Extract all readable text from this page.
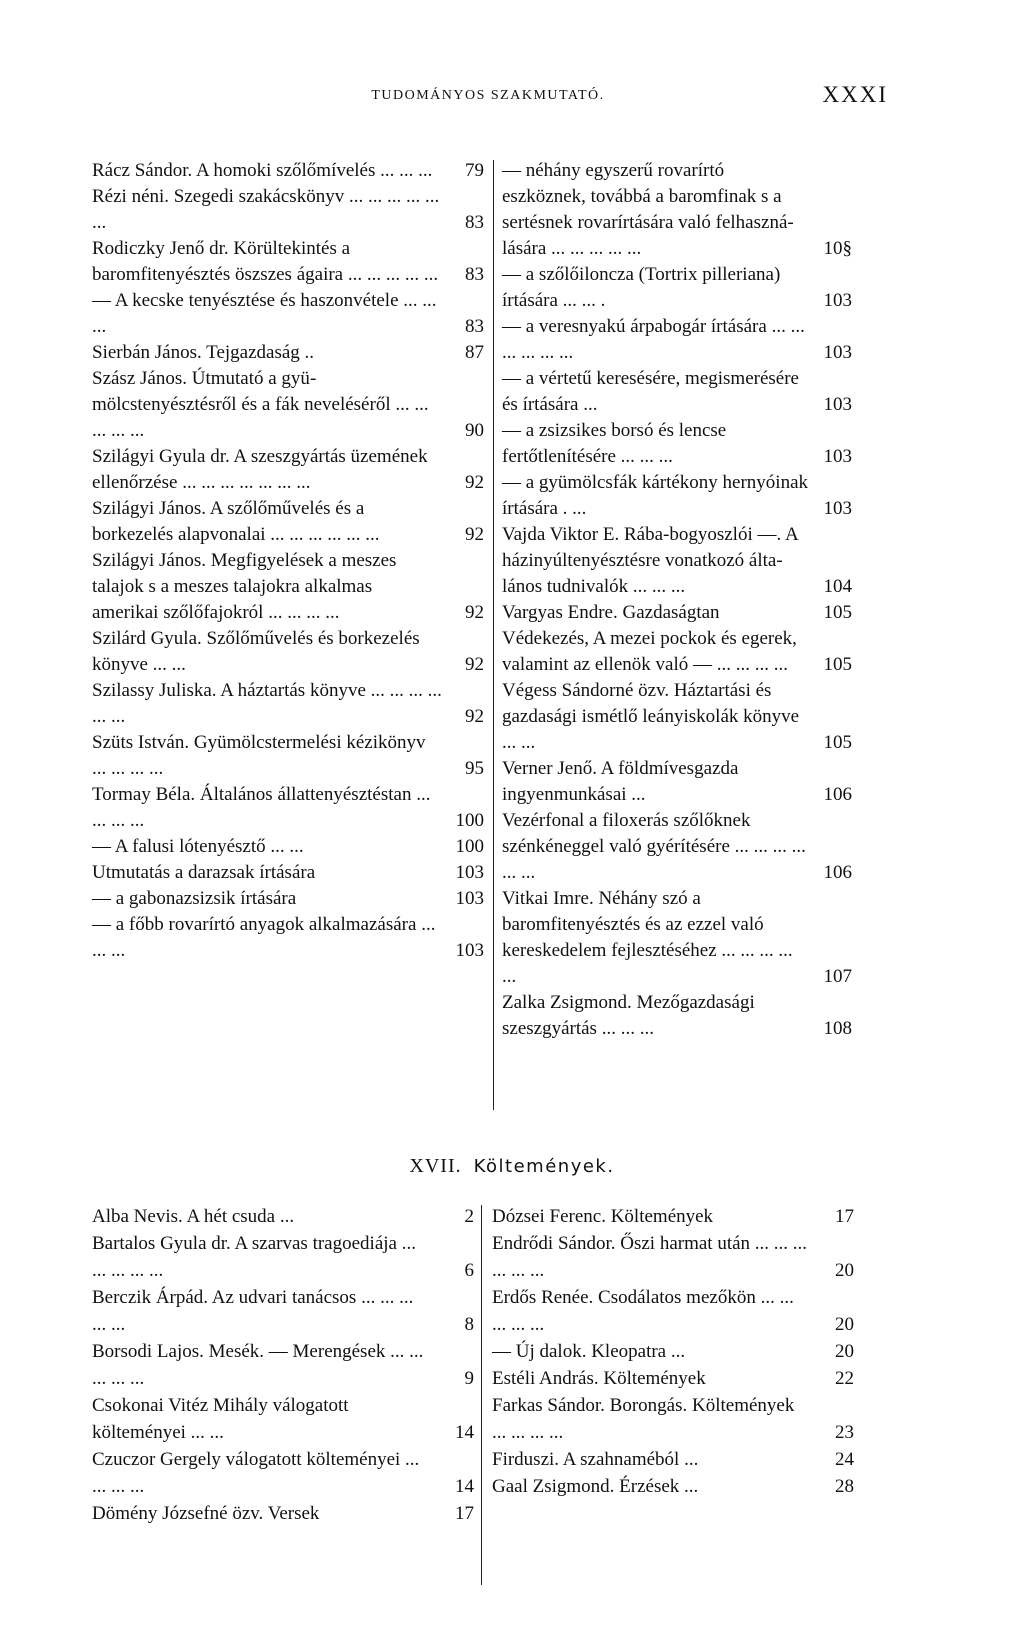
TUDOMÁNYOS SZAKMUTATÓ.	XXXI
Rácz Sándor. A homoki szőlőmívelés ... ... ...	79
Rézi néni. Szegedi szakácskönyv ... ... ... ... ... ...	83
Rodiczky Jenő dr. Körültekintés a baromfitenyésztés öszszes ágaira ... ... ... ... ...	83
— A kecske tenyésztése és haszonvétele ... ... ...	83
Sierbán János. Tejgazdaság ..	87
Szász János. Útmutató a gyümölcstenyésztésről és a fák neveléséről ... ... ... ... ...	90
Szilágyi Gyula dr. A szeszgyártás üzemének ellenőrzése ... ... ... ... ... ... ...	92
Szilágyi János. A szőlőművelés és a borkezelés alapvonalai ... ... ... ... ... ...	92
Szilágyi János. Megfigyelések a meszes talajok s a meszes talajokra alkalmas amerikai szőlőfajokról ... ... ... ...	92
Szilárd Gyula. Szőlőművelés és borkezelés könyve ... ...	92
Szilassy Juliska. A háztartás könyve ... ... ... ... ... ...	92
Szüts István. Gyümölcstermelési kézikönyv ... ... ... ...	95
Tormay Béla. Általános állattenyésztéstan ... ... ... ...	100
— A falusi lótenyésztő ... ...	100
Utmutatás a darazsak írtására	103
— a gabonazsizsik írtására	103
— a főbb rovarírtó anyagok alkalmazására ... ... ...	103
— néhány egyszerű rovarírtó eszköznek, továbbá a baromfinak s a sertésnek rovarírtására való felhasználására ... ... ... ... ...	10§
— a szőlőilonсza (Tortrix pilleriana) írtására ... ... .	103
— a veresnyakú árpabogár írtására ... ... ... ... ... ...	103
— a vértetű keresésére, megismerésére és írtására ...	103
— a zsizsikes borsó és lencse fertőtlenítésére ... ... ...	103
— a gyümölcsfák kártékony hernyóinak írtására . ...	103
Vajda Viktor E. Rába-bogyoszlói —. A házinyúltenyésztésre vonatkozó általános tudnivalók ... ... ...	104
Vargyas Endre. Gazdaságtan	105
Védekezés, A mezei pockok és egerek, valamint az ellenök való — ... ... ... ...	105
Végess Sándorné özv. Háztartási és gazdasági ismétlő leányiskolák könyve ... ...	105
Verner Jenő. A földmívesgazda ingyenmunkásai ...	106
Vezérfonal a filoxerás szőlőknek szénkéneggel való gyérítésére ... ... ... ... ... ...	106
Vitkai Imre. Néhány szó a baromfitenyésztés és az ezzel való kereskedelem fejlesztéséhez ... ... ... ... ...	107
Zalka Zsigmond. Mezőgazdasági szeszgyártás ... ... ...	108
XVII. Költemények.
Alba Nevis. A hét csuda ...	2
Bartalos Gyula dr. A szarvas tragoediája ... ... ... ... ...	6
Berczik Árpád. Az udvari tanácsos ... ... ... ... ...	8
Borsodi Lajos. Mesék. — Merengések ... ... ... ... ...	9
Csokonai Vitéz Mihály válogatott költeményei ... ...	14
Czuczor Gergely válogatott költeményei ... ... ... ...	14
Dömény Józsefné özv. Versek	17
Dózsei Ferenc. Költemények	17
Endrődi Sándor. Őszi harmat után ... ... ... ... ... ...	20
Erdős Renée. Csodálatos mezőkön ... ... ... ... ...	20
— Új dalok. Kleopatra ...	20
Estéli András. Költemények	22
Farkas Sándor. Borongás. Költemények ... ... ... ...	23
Firduszi. A szahnaméból ...	24
Gaal Zsigmond. Érzések ...	28
